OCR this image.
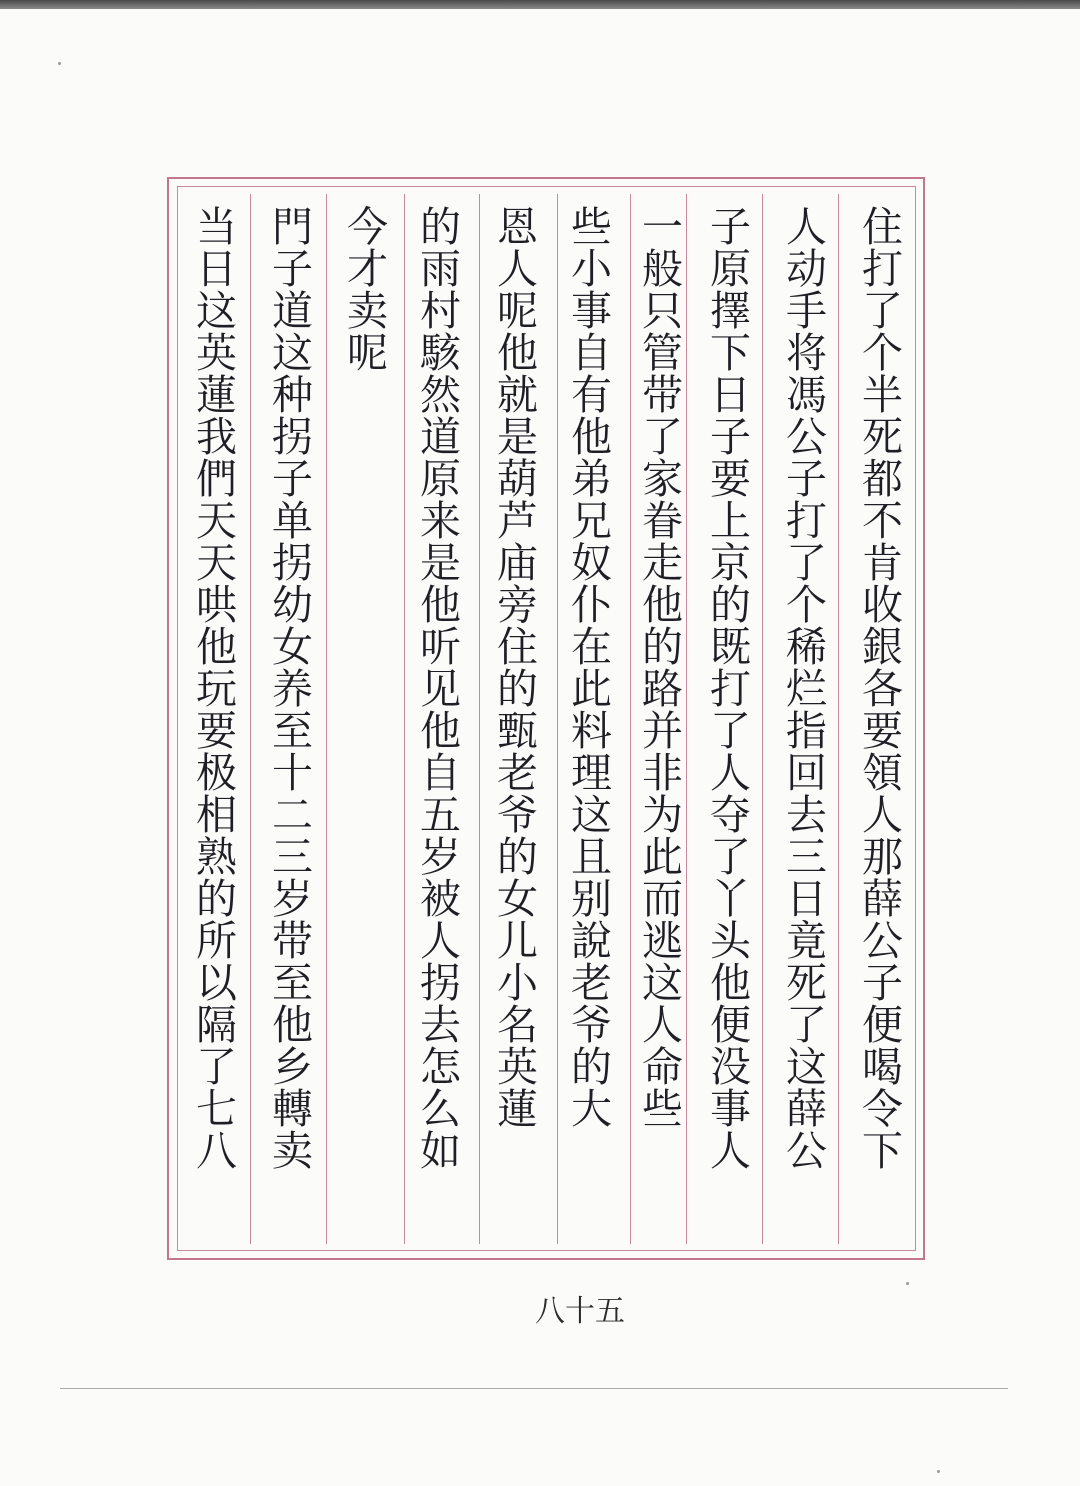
住打了个半死都不肯收銀各要領人那薛公子便喝令下
人动手将馮公子打了个稀烂指回去三日竟死了这薛公
子原擇下日子要上京的既打了人夺了丫头他便没事人
一般只管带了家眷走他的路并非为此而逃这人命些
些小事自有他弟兄奴仆在此料理这且别說老爷的大
恩人呢他就是葫芦庙旁住的甄老爷的女儿小名英蓮
的雨村駭然道原来是他听见他自五岁被人拐去怎么如
今才卖呢
門子道这种拐子单拐幼女养至十二三岁带至他乡轉卖
当日这英蓮我們天天哄他玩要极相熟的所以隔了七八
八十五
